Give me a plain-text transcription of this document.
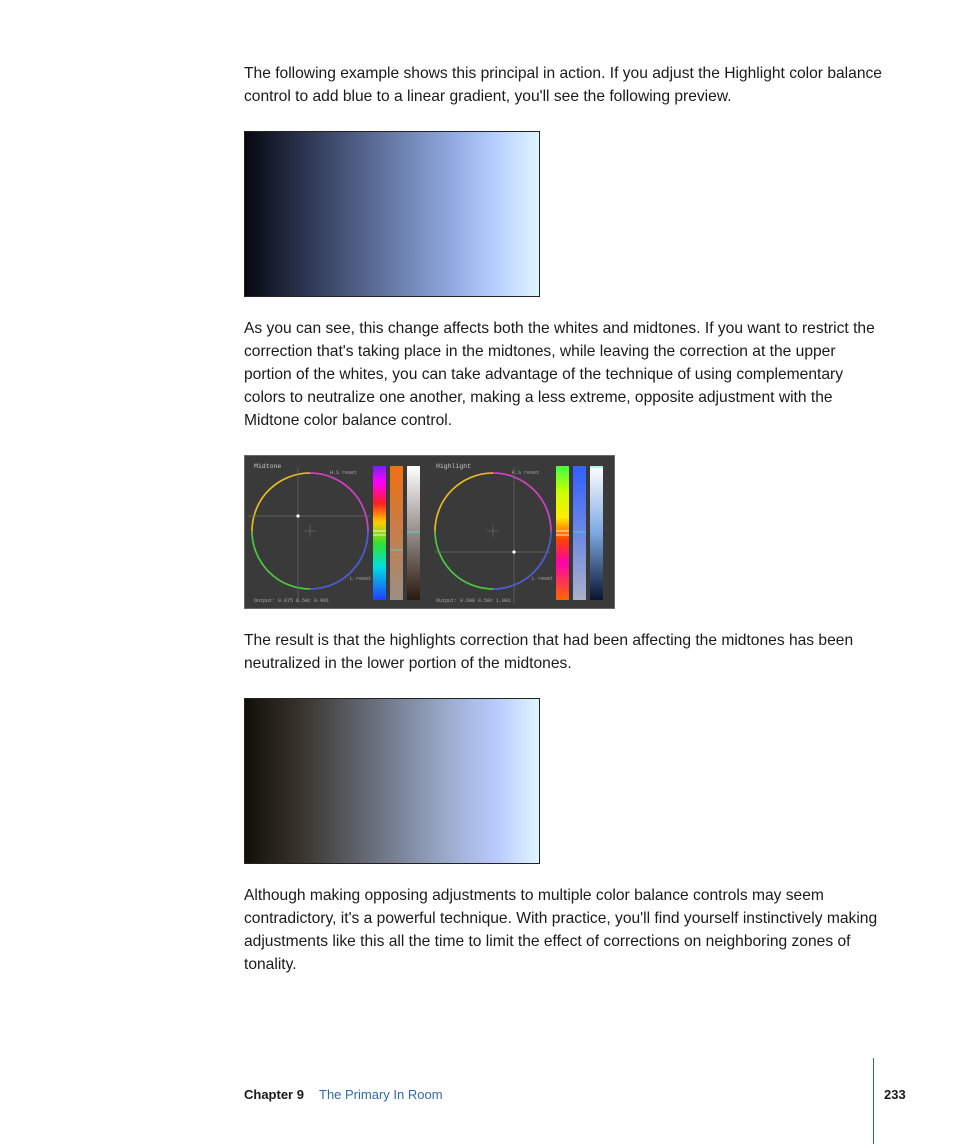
The following example shows this principal in action. If you adjust the Highlight color balance control to add blue to a linear gradient, you'll see the following preview.

As you can see, this change affects both the whites and midtones. If you want to restrict the correction that's taking place in the midtones, while leaving the correction at the upper portion of the whites, you can take advantage of the technique of using complementary colors to neutralize one another, making a less extreme, opposite adjustment with the Midtone color balance control.

Midtone
H.S reset
L reset
Output: 0.875 0.50c 0.901
Highlight
H.S reset
L reset
Output: 0.600 0.50c 1.001

The result is that the highlights correction that had been affecting the midtones has been neutralized in the lower portion of the midtones.

Although making opposing adjustments to multiple color balance controls may seem contradictory, it's a powerful technique. With practice, you'll find yourself instinctively making adjustments like this all the time to limit the effect of corrections on neighboring zones of tonality.

Chapter 9 The Primary In Room	233
